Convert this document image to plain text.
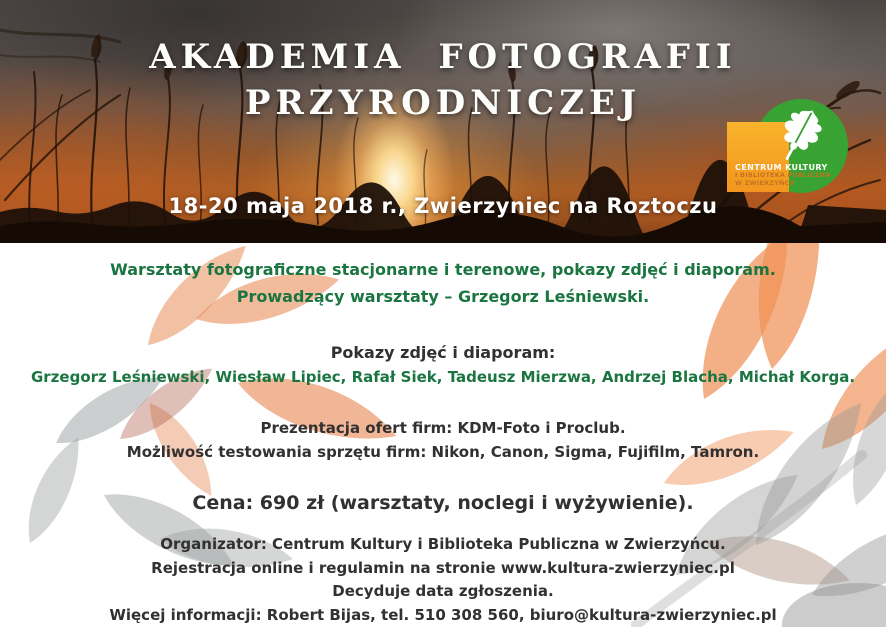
AKADEMIA FOTOGRAFII
PRZYRODNICZEJ
18-20 maja 2018 r., Zwierzyniec na Roztoczu
CENTRUM KULTURY
I BIBLIOTEKA PUBLICZNA
W ZWIERZYŃCU

Warsztaty fotograficzne stacjonarne i terenowe, pokazy zdjęć i diaporam.

Prowadzący warsztaty – Grzegorz Leśniewski.

Pokazy zdjęć i diaporam:

Grzegorz Leśniewski, Wiesław Lipiec, Rafał Siek, Tadeusz Mierzwa, Andrzej Blacha, Michał Korga.

Prezentacja ofert firm: KDM-Foto i Proclub.

Możliwość testowania sprzętu firm: Nikon, Canon, Sigma, Fujifilm, Tamron.

Cena: 690 zł (warsztaty, noclegi i wyżywienie).

Organizator: Centrum Kultury i Biblioteka Publiczna w Zwierzyńcu.

Rejestracja online i regulamin na stronie www.kultura-zwierzyniec.pl

Decyduje data zgłoszenia.

Więcej informacji: Robert Bijas, tel. 510 308 560, biuro@kultura-zwierzyniec.pl
